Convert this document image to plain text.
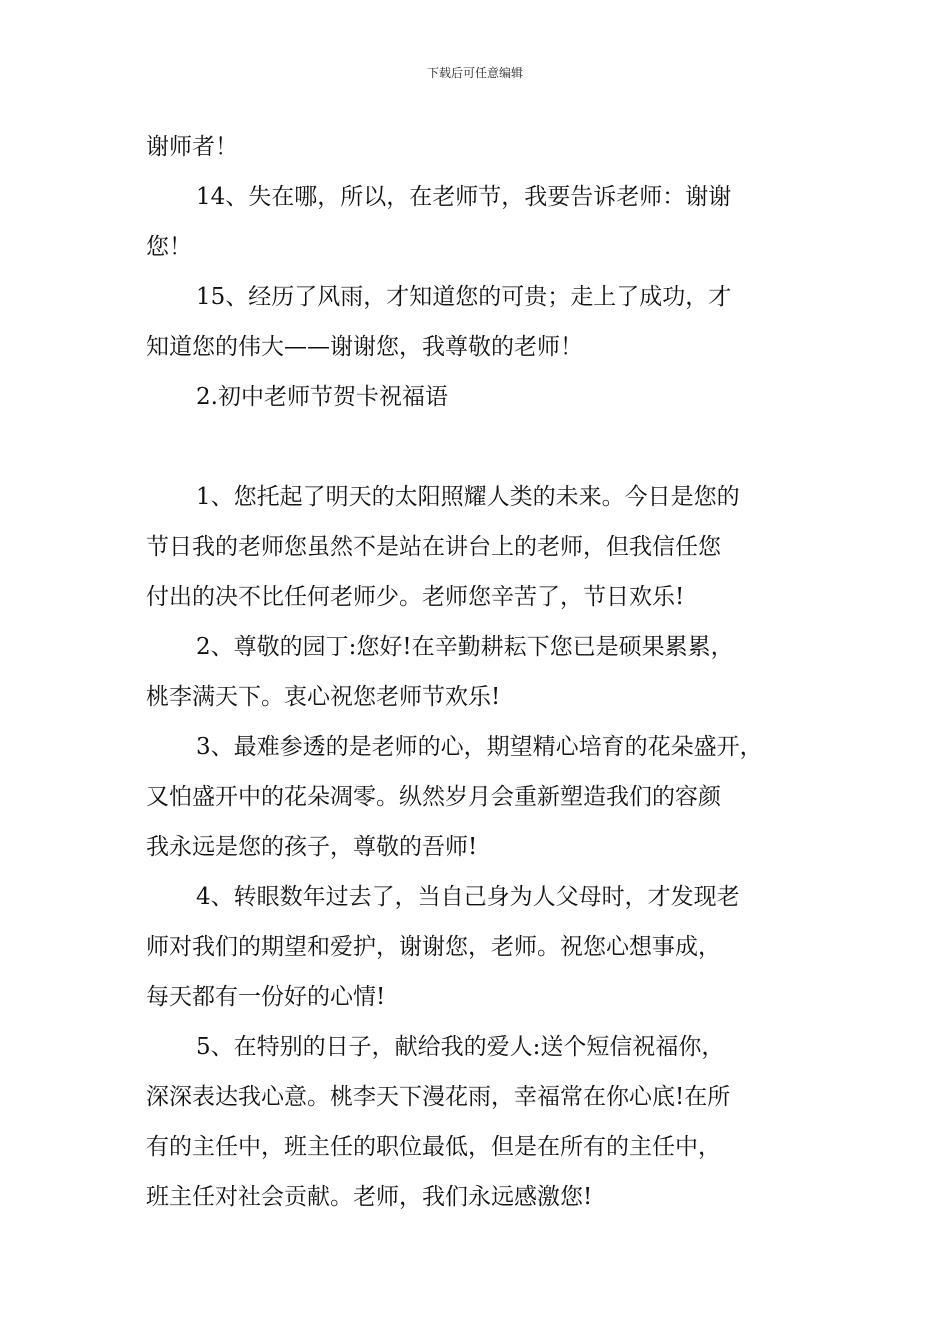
下载后可任意编辑

谢师者！

14、失在哪，所以，在老师节，我要告诉老师：谢谢

您！

15、经历了风雨，才知道您的可贵；走上了成功，才

知道您的伟大——谢谢您，我尊敬的老师！

2.初中老师节贺卡祝福语

1、您托起了明天的太阳照耀人类的未来。今日是您的

节日我的老师您虽然不是站在讲台上的老师，但我信任您

付出的决不比任何老师少。老师您辛苦了，节日欢乐!

2、尊敬的园丁:您好!在辛勤耕耘下您已是硕果累累，

桃李满天下。衷心祝您老师节欢乐!

3、最难参透的是老师的心，期望精心培育的花朵盛开，

又怕盛开中的花朵凋零。纵然岁月会重新塑造我们的容颜

我永远是您的孩子，尊敬的吾师!

4、转眼数年过去了，当自己身为人父母时，才发现老

师对我们的期望和爱护，谢谢您，老师。祝您心想事成，

每天都有一份好的心情!

5、在特别的日子，献给我的爱人:送个短信祝福你，

深深表达我心意。桃李天下漫花雨，幸福常在你心底!在所

有的主任中，班主任的职位最低，但是在所有的主任中，

班主任对社会贡献。老师，我们永远感激您!
